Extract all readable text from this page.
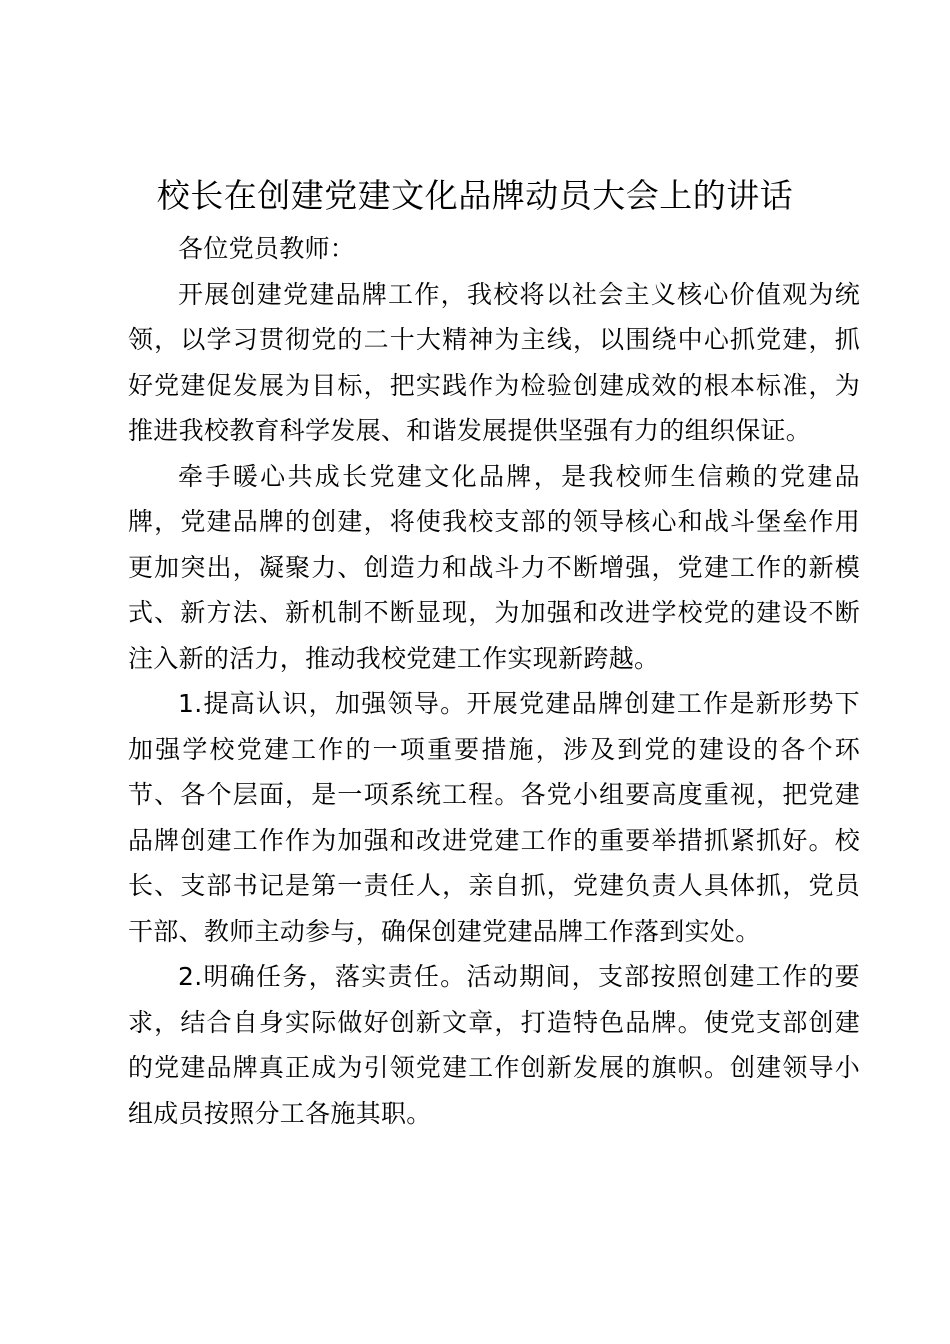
校长在创建党建文化品牌动员大会上的讲话

各位党员教师：

开展创建党建品牌工作，我校将以社会主义核心价值观为统领，以学习贯彻党的二十大精神为主线，以围绕中心抓党建，抓好党建促发展为目标，把实践作为检验创建成效的根本标准，为推进我校教育科学发展、和谐发展提供坚强有力的组织保证。

牵手暖心共成长党建文化品牌，是我校师生信赖的党建品牌，党建品牌的创建，将使我校支部的领导核心和战斗堡垒作用更加突出，凝聚力、创造力和战斗力不断增强，党建工作的新模式、新方法、新机制不断显现，为加强和改进学校党的建设不断注入新的活力，推动我校党建工作实现新跨越。

1.提高认识，加强领导。开展党建品牌创建工作是新形势下加强学校党建工作的一项重要措施，涉及到党的建设的各个环节、各个层面，是一项系统工程。各党小组要高度重视，把党建品牌创建工作作为加强和改进党建工作的重要举措抓紧抓好。校长、支部书记是第一责任人，亲自抓，党建负责人具体抓，党员干部、教师主动参与，确保创建党建品牌工作落到实处。

2.明确任务，落实责任。活动期间，支部按照创建工作的要求，结合自身实际做好创新文章，打造特色品牌。使党支部创建的党建品牌真正成为引领党建工作创新发展的旗帜。创建领导小组成员按照分工各施其职。
